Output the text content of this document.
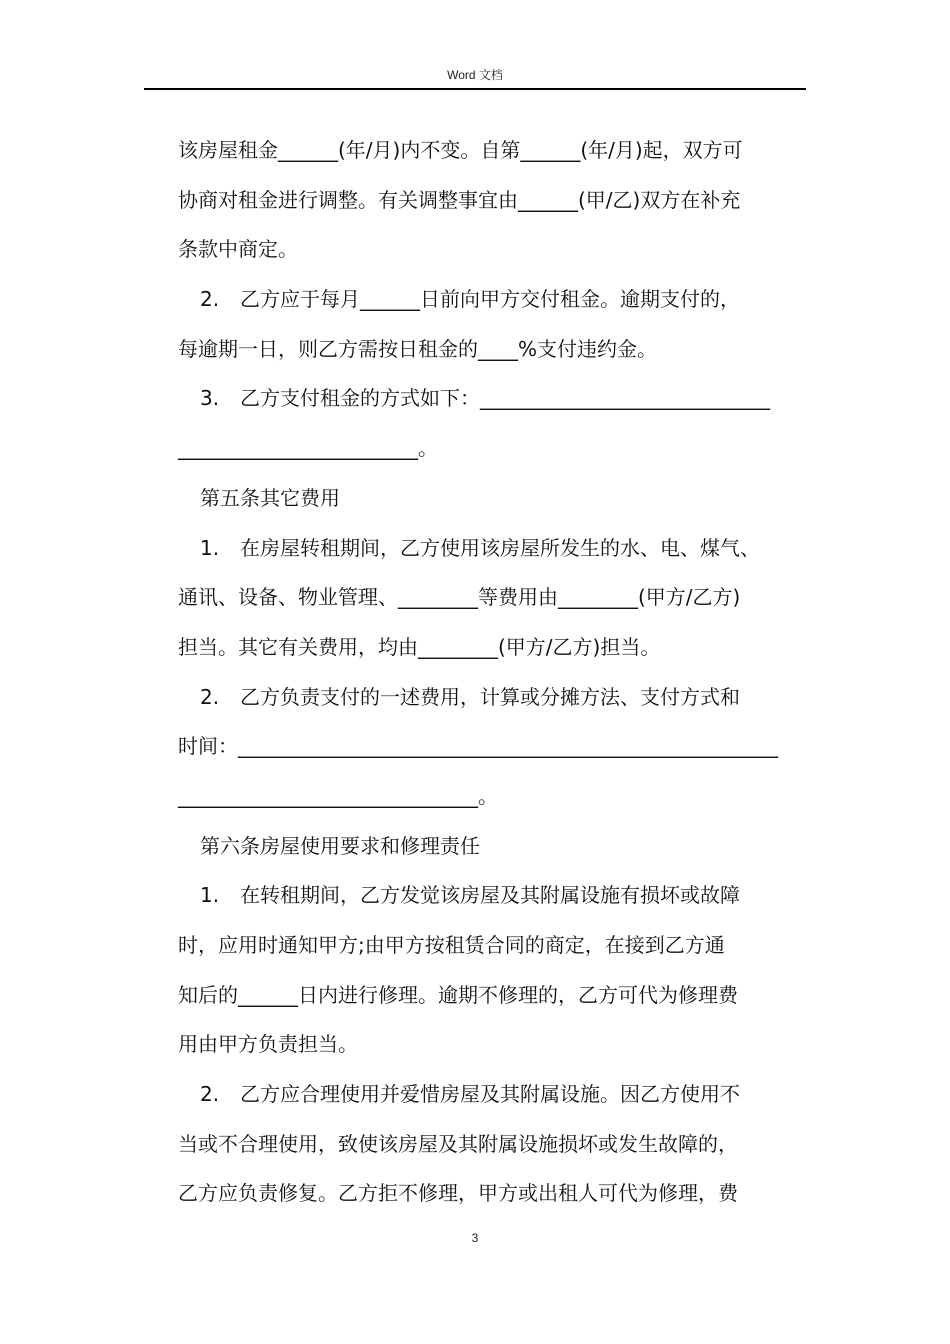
Word 文档
该房屋租金______(年/月)内不变。自第______(年/月)起，双方可
协商对租金进行调整。有关调整事宜由______(甲/乙)双方在补充
条款中商定。
2. 乙方应于每月______日前向甲方交付租金。逾期支付的，
每逾期一日，则乙方需按日租金的____%支付违约金。
3. 乙方支付租金的方式如下：_____________________________
________________________。
第五条其它费用
1. 在房屋转租期间，乙方使用该房屋所发生的水、电、煤气、
通讯、设备、物业管理、________等费用由________(甲方/乙方)
担当。其它有关费用，均由________(甲方/乙方)担当。
2. 乙方负责支付的一述费用，计算或分摊方法、支付方式和
时间：______________________________________________________
______________________________。
第六条房屋使用要求和修理责任
1. 在转租期间，乙方发觉该房屋及其附属设施有损坏或故障
时，应用时通知甲方;由甲方按租赁合同的商定，在接到乙方通
知后的______日内进行修理。逾期不修理的，乙方可代为修理费
用由甲方负责担当。
2. 乙方应合理使用并爱惜房屋及其附属设施。因乙方使用不
当或不合理使用，致使该房屋及其附属设施损坏或发生故障的，
乙方应负责修复。乙方拒不修理，甲方或出租人可代为修理，费
3
